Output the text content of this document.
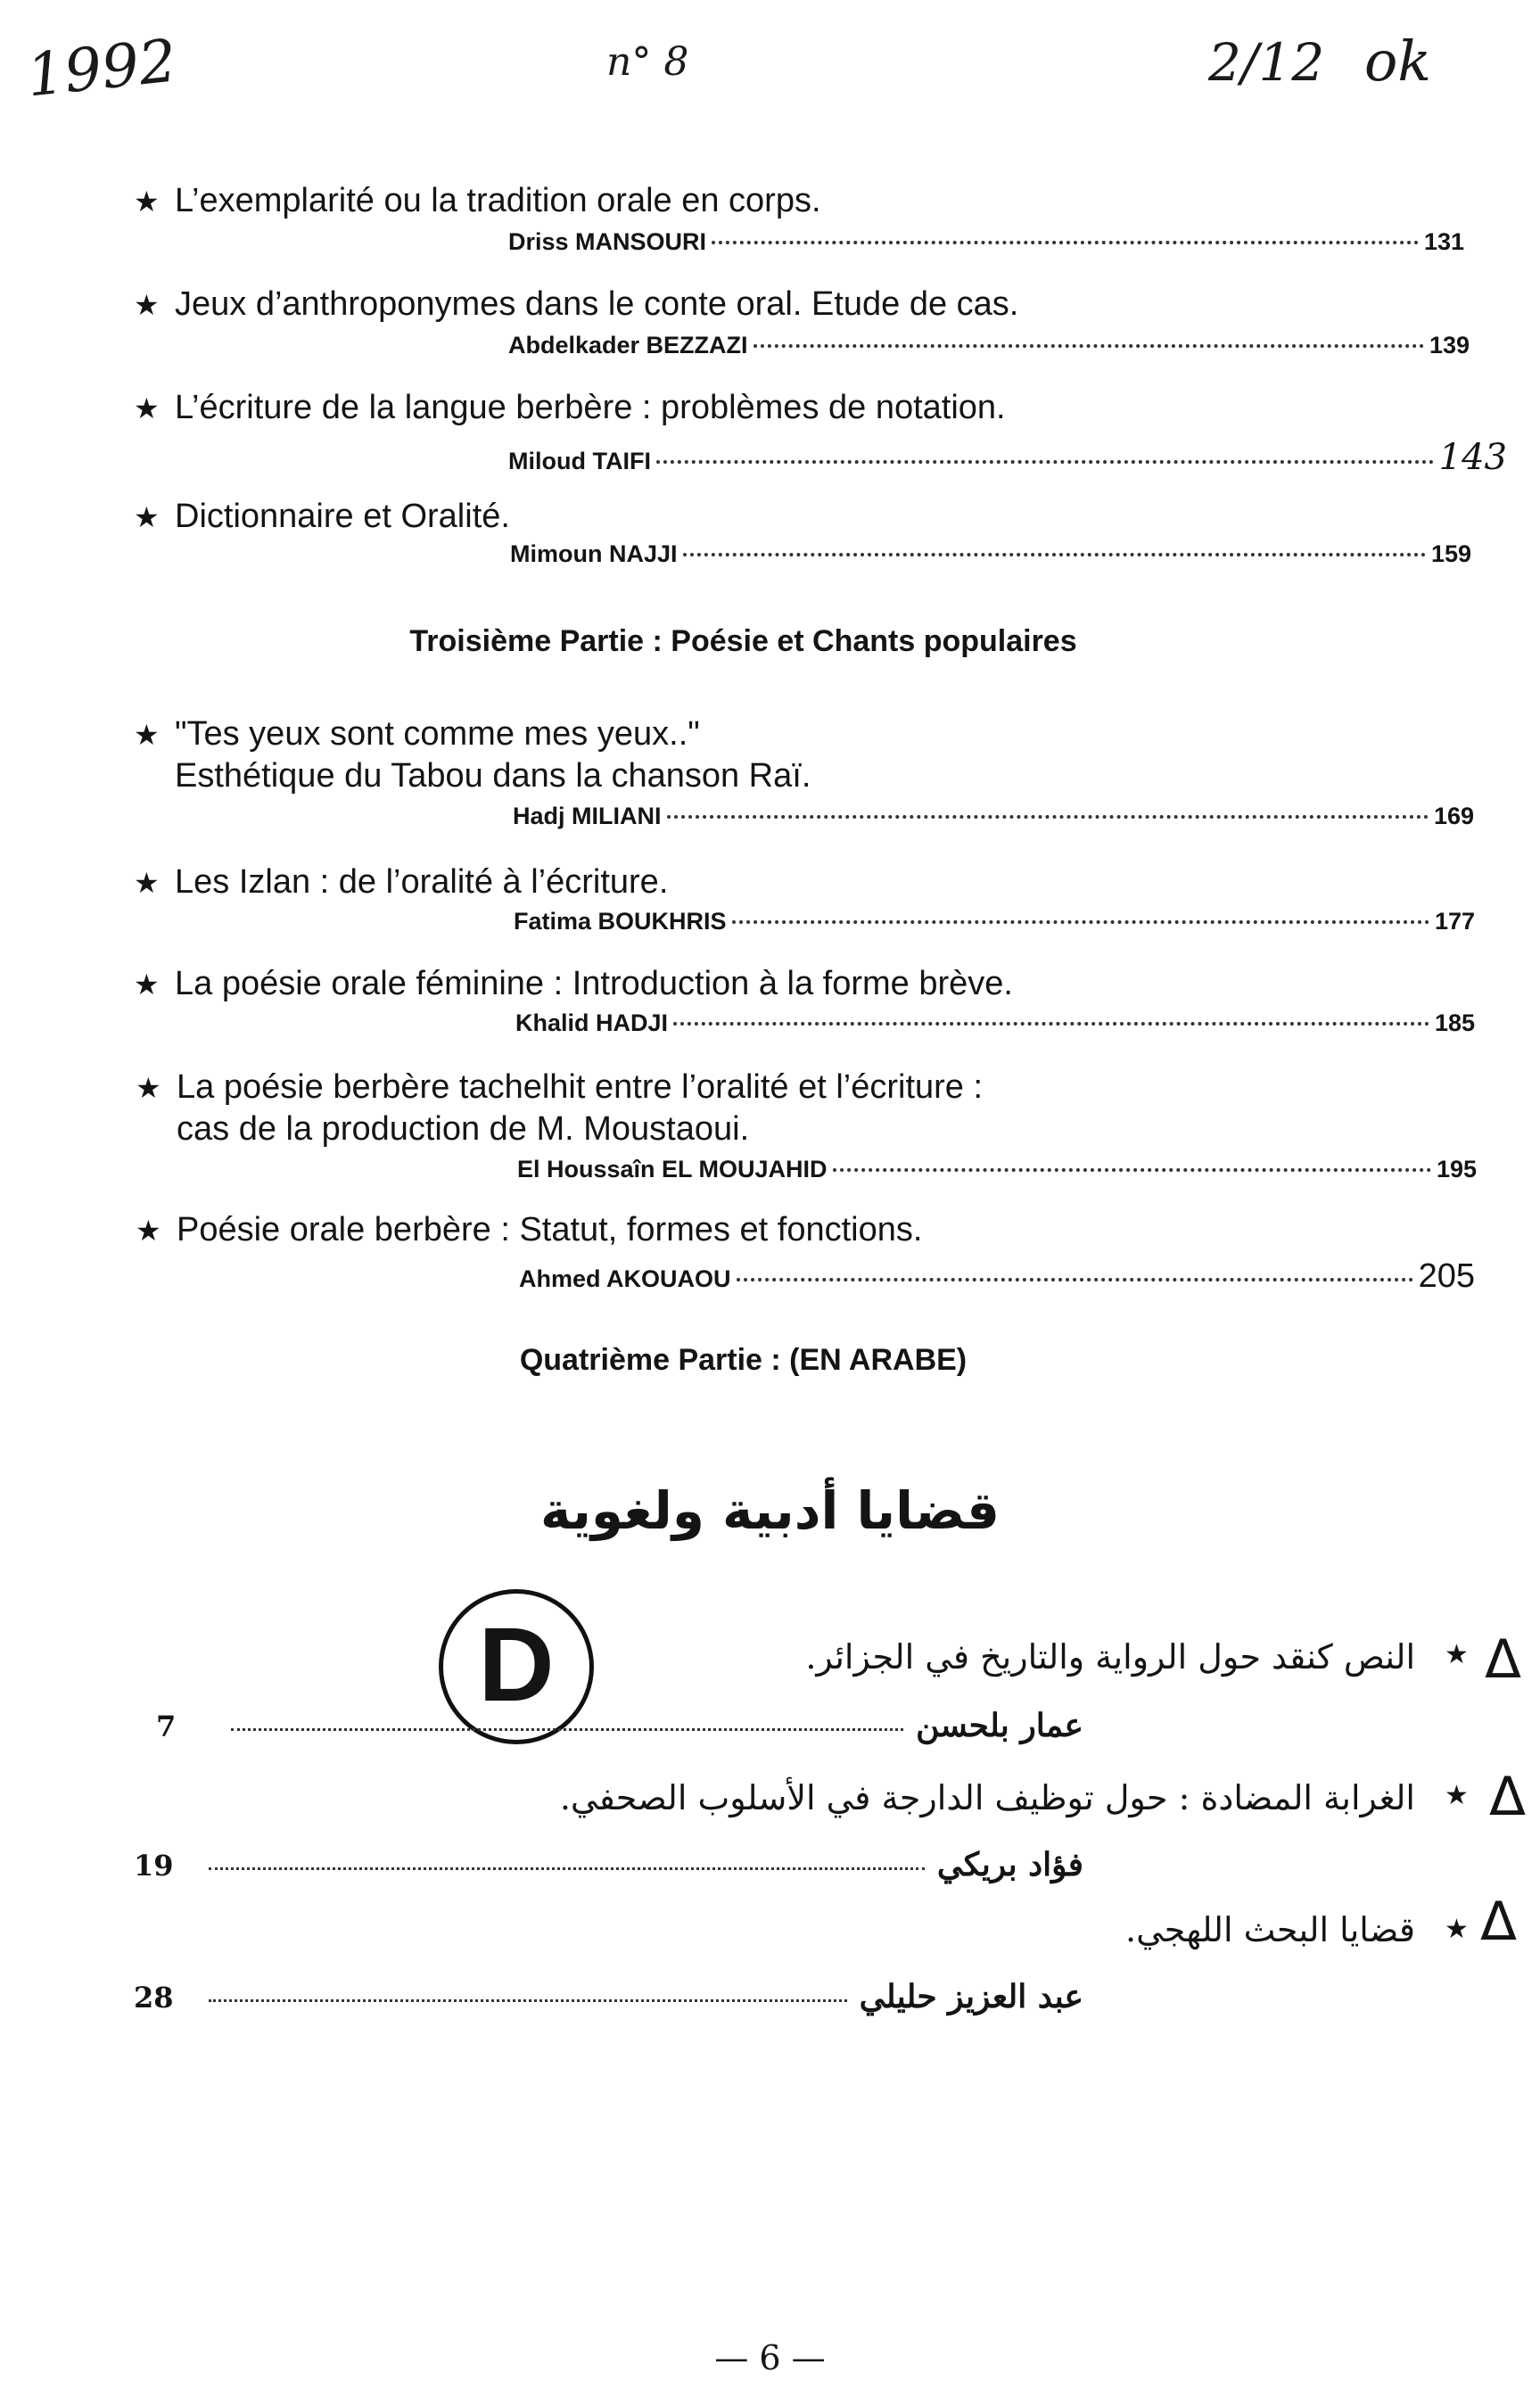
1992	n° 8	2/12 ok
★ L’exemplarité ou la tradition orale en corps.
Driss MANSOURI	131
★ Jeux d’anthroponymes dans le conte oral. Etude de cas.
Abdelkader BEZZAZI	139
★ L’écriture de la langue berbère : problèmes de notation.
Miloud TAIFI	143
★ Dictionnaire et Oralité.
Mimoun NAJJI	159
Troisième Partie : Poésie et Chants populaires
★ "Tes yeux sont comme mes yeux.."
Esthétique du Tabou dans la chanson Raï.
Hadj MILIANI	169
★ Les Izlan : de l’oralité à l’écriture.
Fatima BOUKHRIS	177
★ La poésie orale féminine : Introduction à la forme brève.
Khalid HADJI	185
★ La poésie berbère tachelhit entre l’oralité et l’écriture :
cas de la production de M. Moustaoui.
El Houssaîn EL MOUJAHID	195
★ Poésie orale berbère : Statut, formes et fonctions.
Ahmed AKOUAOU	205
Quatrième Partie : (EN ARABE)
قضايا أدبية ولغوية
D	Δ
★
النص كنقد حول الرواية والتاريخ في الجزائر.
7	عمار بلحسن
Δ
★
الغرابة المضادة : حول توظيف الدارجة في الأسلوب الصحفي.
19	فؤاد بريكي
Δ
★
قضايا البحث اللهجي.
28	عبد العزيز حليلي
— 6 —
